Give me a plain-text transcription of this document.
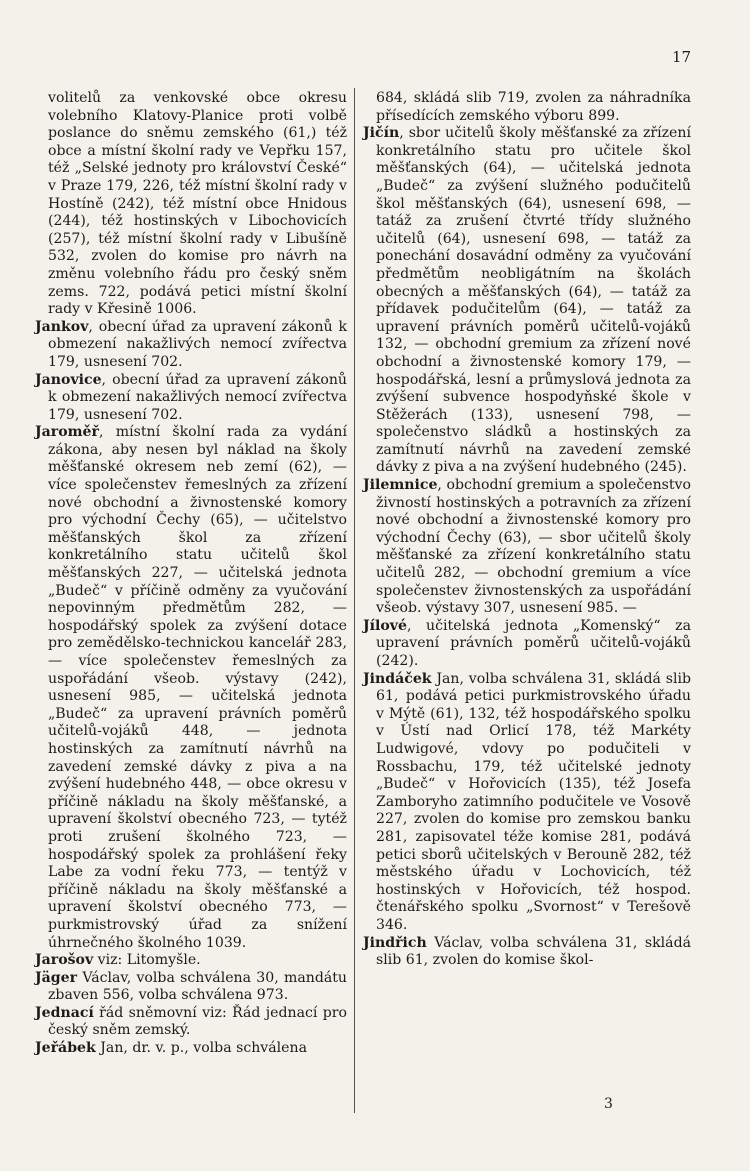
17

volitelů za venkovské obce okresu volebního Klatovy-Planice proti volbě poslance do sněmu zemského (61,) též obce a místní školní rady ve Vepřku 157, též „Selské jednoty pro království České“ v Praze 179, 226, též místní školní rady v Hostíně (242), též místní obce Hnidous (244), též hostinských v Libochovicích (257), též místní školní rady v Libušíně 532, zvolen do komise pro návrh na změnu volebního řádu pro český sněm zems. 722, podává petici místní školní rady v Křesině 1006.

Jankov, obecní úřad za upravení zákonů k obmezení nakažlivých nemocí zvířectva 179, usnesení 702.

Janovice, obecní úřad za upravení zákonů k obmezení nakažlivých nemocí zvířectva 179, usnesení 702.

Jaroměř, místní školní rada za vydání zákona, aby nesen byl náklad na školy měšťanské okresem neb zemí (62), — více společenstev řemeslných za zřízení nové obchodní a živnostenské komory pro východní Čechy (65), — učitelstvo měšťanských škol za zřízení konkretálního statu učitelů škol měšťanských 227, — učitelská jednota „Budeč“ v příčině odměny za vyučování nepovinným předmětům 282, — hospodářský spolek za zvýšení dotace pro zemědělsko-technickou kancelář 283, — více společenstev řemeslných za uspořádání všeob. výstavy (242), usnesení 985, — učitelská jednota „Budeč“ za upravení právních poměrů učitelů-vojáků 448, — jednota hostinských za zamítnutí návrhů na zavedení zemské dávky z piva a na zvýšení hudebného 448, — obce okresu v příčině nákladu na školy měšťanské, a upravení školství obecného 723, — tytéž proti zrušení školného 723, — hospodářský spolek za prohlášení řeky Labe za vodní řeku 773, — tentýž v příčině nákladu na školy měšťanské a upravení školství obecného 773, — purkmistrovský úřad za snížení úhrnečného školného 1039.

Jarošov viz: Litomyšle.

Jäger Václav, volba schválena 30, mandátu zbaven 556, volba schválena 973.

Jednací řád sněmovní viz: Řád jednací pro český sněm zemský.

Jeřábek Jan, dr. v. p., volba schválena

684, skládá slib 719, zvolen za náhradníka přísedících zemského výboru 899.

Jičín, sbor učitelů školy měšťanské za zřízení konkretálního statu pro učitele škol měšťanských (64), — učitelská jednota „Budeč“ za zvýšení služného podučitelů škol měšťanských (64), usnesení 698, — tatáž za zrušení čtvrté třídy služného učitelů (64), usnesení 698, — tatáž za ponechání dosavádní odměny za vyučování předmětům neobligátním na školách obecných a měšťanských (64), — tatáž za přídavek podučitelům (64), — tatáž za upravení právních poměrů učitelů-vojáků 132, — obchodní gremium za zřízení nové obchodní a živnostenské komory 179, — hospodářská, lesní a průmyslová jednota za zvýšení subvence hospodyňské škole v Stěžerách (133), usnesení 798, — společenstvo sládků a hostinských za zamítnutí návrhů na zavedení zemské dávky z piva a na zvýšení hudebného (245).

Jilemnice, obchodní gremium a společenstvo živností hostinských a potravních za zřízení nové obchodní a živnostenské komory pro východní Čechy (63), — sbor učitelů školy měšťanské za zřízení konkretálního statu učitelů 282, — obchodní gremium a více společenstev živnostenských za uspořádání všeob. výstavy 307, usnesení 985. —

Jílové, učitelská jednota „Komenský“ za upravení právních poměrů učitelů-vojáků (242).

Jindáček Jan, volba schválena 31, skládá slib 61, podává petici purkmistrovského úřadu v Mýtě (61), 132, též hospodářského spolku v Ústí nad Orlicí 178, též Markéty Ludwigové, vdovy po podučiteli v Rossbachu, 179, též učitelské jednoty „Budeč“ v Hořovicích (135), též Josefa Zamboryho zatimního podučitele ve Vosově 227, zvolen do komise pro zemskou banku 281, zapisovatel téže komise 281, podává petici sborů učitelských v Berouně 282, též městského úřadu v Lochovicích, též hostinských v Hořovicích, též hospod. čtenářského spolku „Svornost“ v Terešově 346.

Jindřich Václav, volba schválena 31, skládá slib 61, zvolen do komise škol-

3
